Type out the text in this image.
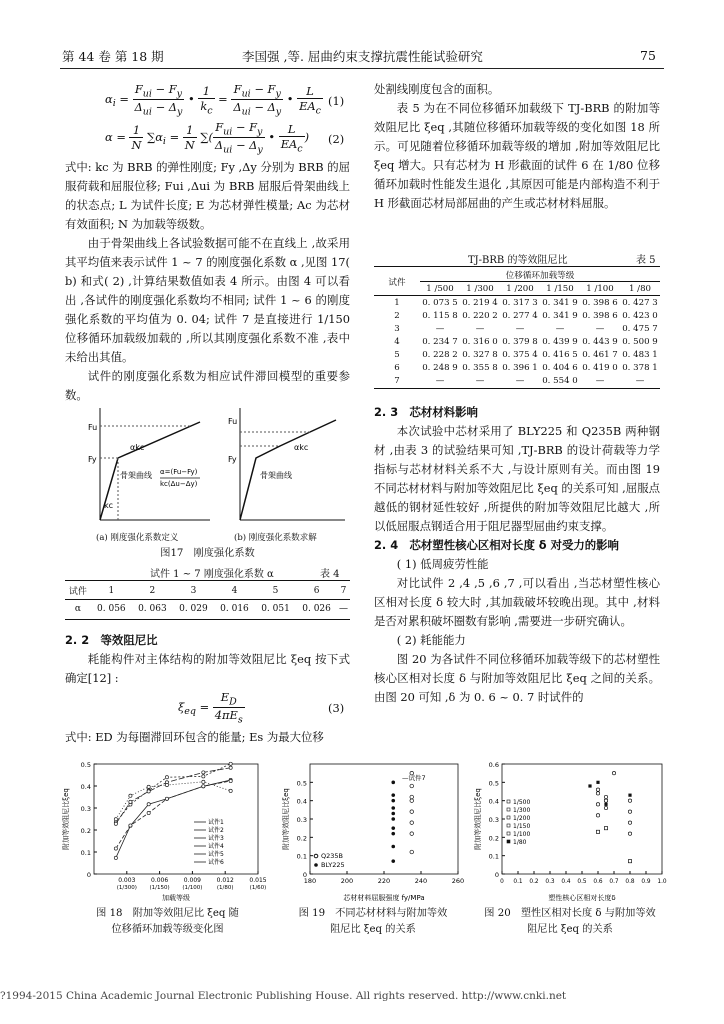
第 44 卷 第 18 期	李国强 ,等. 屈曲约束支撑抗震性能试验研究	75
$\alpha_i = \frac{F_{ui} - F_y}{\Delta_{ui} - \Delta_y}$ • $\frac{1}{k_c} = \frac{F_{ui} - F_y}{\Delta_{ui} - \Delta_y}$ • $\frac{L}{EA_c} (1)$
$\alpha = \frac{1}{N} \sum\alpha_i = \frac{1}{N}$ ∑( $\frac{F_{ui} - F_y}{\Delta_{ui} - \Delta_y}$ • $\frac{L}{EA_c}$ )	(2)

式中: kc 为 BRB 的弹性刚度; Fy ,Δy 分别为 BRB 的屈服荷载和屈服位移; Fui ,Δui 为 BRB 屈服后骨架曲线上的状态点; L 为试件长度; E 为芯材弹性模量; Ac 为芯材有效面积; N 为加载等级数。

由于骨架曲线上各试验数据可能不在直线上 ,故采用其平均值来表示试件 1 ~ 7 的刚度强化系数 α ,见图 17( b) 和式( 2) ,计算结果数值如表 4 所示。由图 4 可以看出 ,各试件的刚度强化系数均不相同; 试件 1 ~ 6 的刚度强化系数的平均值为 0. 04; 试件 7 是直接进行 1/150 位移循环加载级加载的 ,所以其刚度强化系数不准 ,表中未给出其值。

试件的刚度强化系数为相应试件滞回模型的重要参数。

Fu
Fy
αkc
骨架曲线 α=(Fu−Fy)
kc(Δu−Δy)
kc
Fu
Fy
骨架曲线
αkc
(a) 刚度强化系数定义	(b) 刚度强化系数求解
图17　刚度强化系数
试件 1 ~ 7 刚度强化系数 α	表 4
试件	1	2	3	4	5	6	7
α	0. 056	0. 063	0. 029	0. 016	0. 051	0. 026	—

2. 2　等效阻尼比

耗能构件对主体结构的附加等效阻尼比 ξeq 按下式确定[12] :

$\xi_{eq} = \frac{E_D}{4\pi E_s}$	(3)

式中: ED 为每圈滞回环包含的能量; Es 为最大位移

处割线刚度包含的面积。

表 5 为在不同位移循环加载级下 TJ-BRB 的附加等效阻尼比 ξeq ,其随位移循环加载等级的变化如图 18 所示。可见随着位移循环加载等级的增加 ,附加等效阻尼比 ξeq 增大。只有芯材为 H 形截面的试件 6 在 1/80 位移循环加载时性能发生退化 ,其原因可能是内部构造不利于 H 形截面芯材局部屈曲的产生或芯材材料屈服。

TJ-BRB 的等效阻尼比	表 5
试件	位移循环加载等级					
	1 /500	1 /300	1 /200	1 /150	1 /100	1 /80
1	0. 073 5	0. 219 4	0. 317 3	0. 341 9	0. 398 6	0. 427 3
2	0. 115 8	0. 220 2	0. 277 4	0. 341 9	0. 398 6	0. 423 0
3	—	—	—	—	—	0. 475 7
4	0. 234 7	0. 316 0	0. 379 8	0. 439 9	0. 443 9	0. 500 9
5	0. 228 2	0. 327 8	0. 375 4	0. 416 5	0. 461 7	0. 483 1
6	0. 248 9	0. 355 8	0. 396 1	0. 404 6	0. 419 0	0. 378 1
7	—	—	—	0. 554 0	—	—

2. 3　芯材材料影响

本次试验中芯材采用了 BLY225 和 Q235B 两种钢材 ,由表 3 的试验结果可知 ,TJ-BRB 的设计荷载等力学指标与芯材材料关系不大 ,与设计原则有关。而由图 19 不同芯材材料与附加等效阻尼比 ξeq 的关系可知 ,屈服点越低的钢材延性较好 ,所提供的附加等效阻尼比越大 ,所以低屈服点钢适合用于阻尼器型屈曲约束支撑。

2. 4　芯材塑性核心区相对长度 δ 对受力的影响

( 1) 低周疲劳性能

对比试件 2 ,4 ,5 ,6 ,7 ,可以看出 ,当芯材塑性核心区相对长度 δ 较大时 ,其加载破坏较晚出现。其中 ,材料是否对累积破坏圈数有影响 ,需要进一步研究确认。

( 2) 耗能能力

图 20 为各试件不同位移循环加载等级下的芯材塑性核心区相对长度 δ 与附加等效阻尼比 ξeq 之间的关系。由图 20 可知 ,δ 为 0. 6 ~ 0. 7 时试件的

0
0.1
0.2
0.3
0.4
0.5
附加等效阻尼比ξeq
加载等级
0.003
(1/300)
0.006
(1/150)
0.009
(1/100)
0.012
(1/80)
0.015
(1/60)
试件1
试件2
试件3
试件4
试件5
试件6
0
0.1
0.2
0.3
0.4
0.5
附加等效阻尼比ξeq
芯材材料屈服强度 fy/MPa
180	200	220	240	260
—试件7
Q235B
BLY225
0
0.1
0.2
0.3
0.4
0.5
0.6
附加等效阻尼比ξeq
塑性核心区相对长度δ
0 0.1 0.2 0.3 0.4 0.5 0.6 0.7 0.8 0.9 1.0
1/500
1/300
1/200
1/150
1/100
1/80
图 18　附加等效阻尼比 ξeq 随
位移循环加载等级变化图
图 19　不同芯材材料与附加等效
阻尼比 ξeq 的关系
图 20　塑性区相对长度 δ 与附加等效
阻尼比 ξeq 的关系
?1994-2015 China Academic Journal Electronic Publishing House. All rights reserved. http://www.cnki.net
